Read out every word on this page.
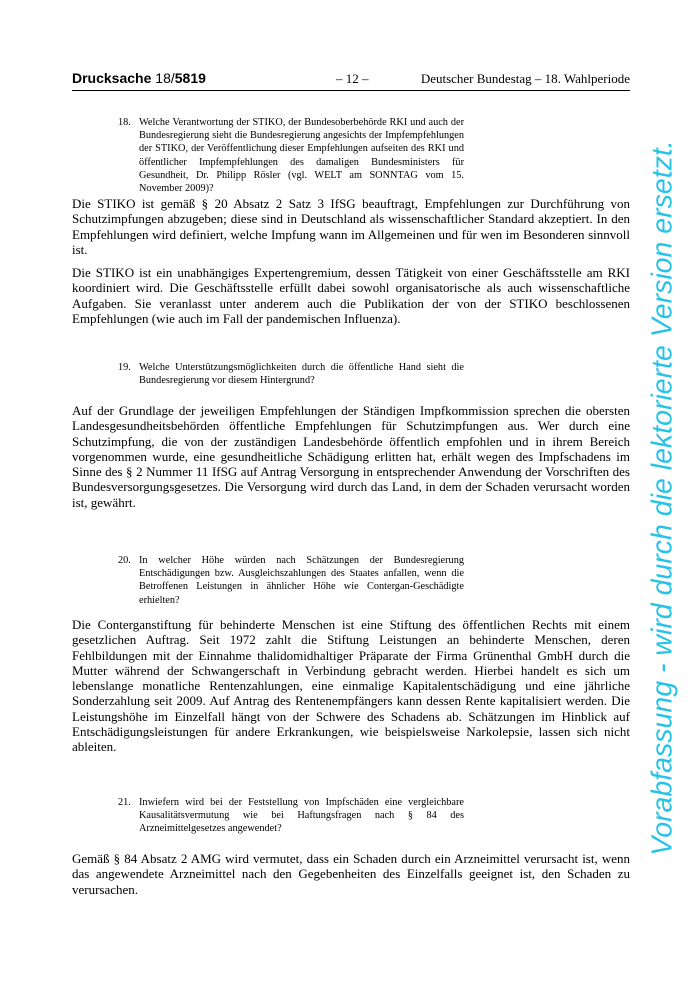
Drucksache 18/5819	– 12 –	Deutscher Bundestag – 18. Wahlperiode
18. Welche Verantwortung der STIKO, der Bundesoberbehörde RKI und auch der Bundesregierung sieht die Bundesregierung angesichts der Impfempfehlungen der STIKO, der Veröffentlichung dieser Empfehlungen aufseiten des RKI und öffentlicher Impfempfehlungen des damaligen Bundesministers für Gesundheit, Dr. Philipp Rösler (vgl. WELT am SONNTAG vom 15. November 2009)?

Die STIKO ist gemäß § 20 Absatz 2 Satz 3 IfSG beauftragt, Empfehlungen zur Durchführung von Schutzimpfungen abzugeben; diese sind in Deutschland als wissenschaftlicher Standard akzeptiert. In den Empfehlungen wird definiert, welche Impfung wann im Allgemeinen und für wen im Besonderen sinnvoll ist.

Die STIKO ist ein unabhängiges Expertengremium, dessen Tätigkeit von einer Geschäftsstelle am RKI koordiniert wird. Die Geschäftsstelle erfüllt dabei sowohl organisatorische als auch wissenschaftliche Aufgaben. Sie veranlasst unter anderem auch die Publikation der von der STIKO beschlossenen Empfehlungen (wie auch im Fall der pandemischen Influenza).

19. Welche Unterstützungsmöglichkeiten durch die öffentliche Hand sieht die Bundesregierung vor diesem Hintergrund?

Auf der Grundlage der jeweiligen Empfehlungen der Ständigen Impfkommission sprechen die obersten Landesgesundheitsbehörden öffentliche Empfehlungen für Schutzimpfungen aus. Wer durch eine Schutzimpfung, die von der zuständigen Landesbehörde öffentlich empfohlen und in ihrem Bereich vorgenommen wurde, eine gesundheitliche Schädigung erlitten hat, erhält wegen des Impfschadens im Sinne des § 2 Nummer 11 IfSG auf Antrag Versorgung in entsprechender Anwendung der Vorschriften des Bundesversorgungsgesetzes. Die Versorgung wird durch das Land, in dem der Schaden verursacht worden ist, gewährt.

20. In welcher Höhe würden nach Schätzungen der Bundesregierung Entschädigungen bzw. Ausgleichszahlungen des Staates anfallen, wenn die Betroffenen Leistungen in ähnlicher Höhe wie Contergan-Geschädigte erhielten?

Die Conterganstiftung für behinderte Menschen ist eine Stiftung des öffentlichen Rechts mit einem gesetzlichen Auftrag. Seit 1972 zahlt die Stiftung Leistungen an behinderte Menschen, deren Fehlbildungen mit der Einnahme thalidomidhaltiger Präparate der Firma Grünenthal GmbH durch die Mutter während der Schwangerschaft in Verbindung gebracht werden. Hierbei handelt es sich um lebenslange monatliche Rentenzahlungen, eine einmalige Kapitalentschädigung und eine jährliche Sonderzahlung seit 2009. Auf Antrag des Rentenempfängers kann dessen Rente kapitalisiert werden. Die Leistungshöhe im Einzelfall hängt von der Schwere des Schadens ab. Schätzungen im Hinblick auf Entschädigungsleistungen für andere Erkrankungen, wie beispielsweise Narkolepsie, lassen sich nicht ableiten.

21. Inwiefern wird bei der Feststellung von Impfschäden eine vergleichbare Kausalitätsvermutung wie bei Haftungsfragen nach § 84 des Arzneimittelgesetzes angewendet?

Gemäß § 84 Absatz 2 AMG wird vermutet, dass ein Schaden durch ein Arzneimittel verursacht ist, wenn das angewendete Arzneimittel nach den Gegebenheiten des Einzelfalls geeignet ist, den Schaden zu verursachen.

Vorabfassung - wird durch die lektorierte Version ersetzt.
